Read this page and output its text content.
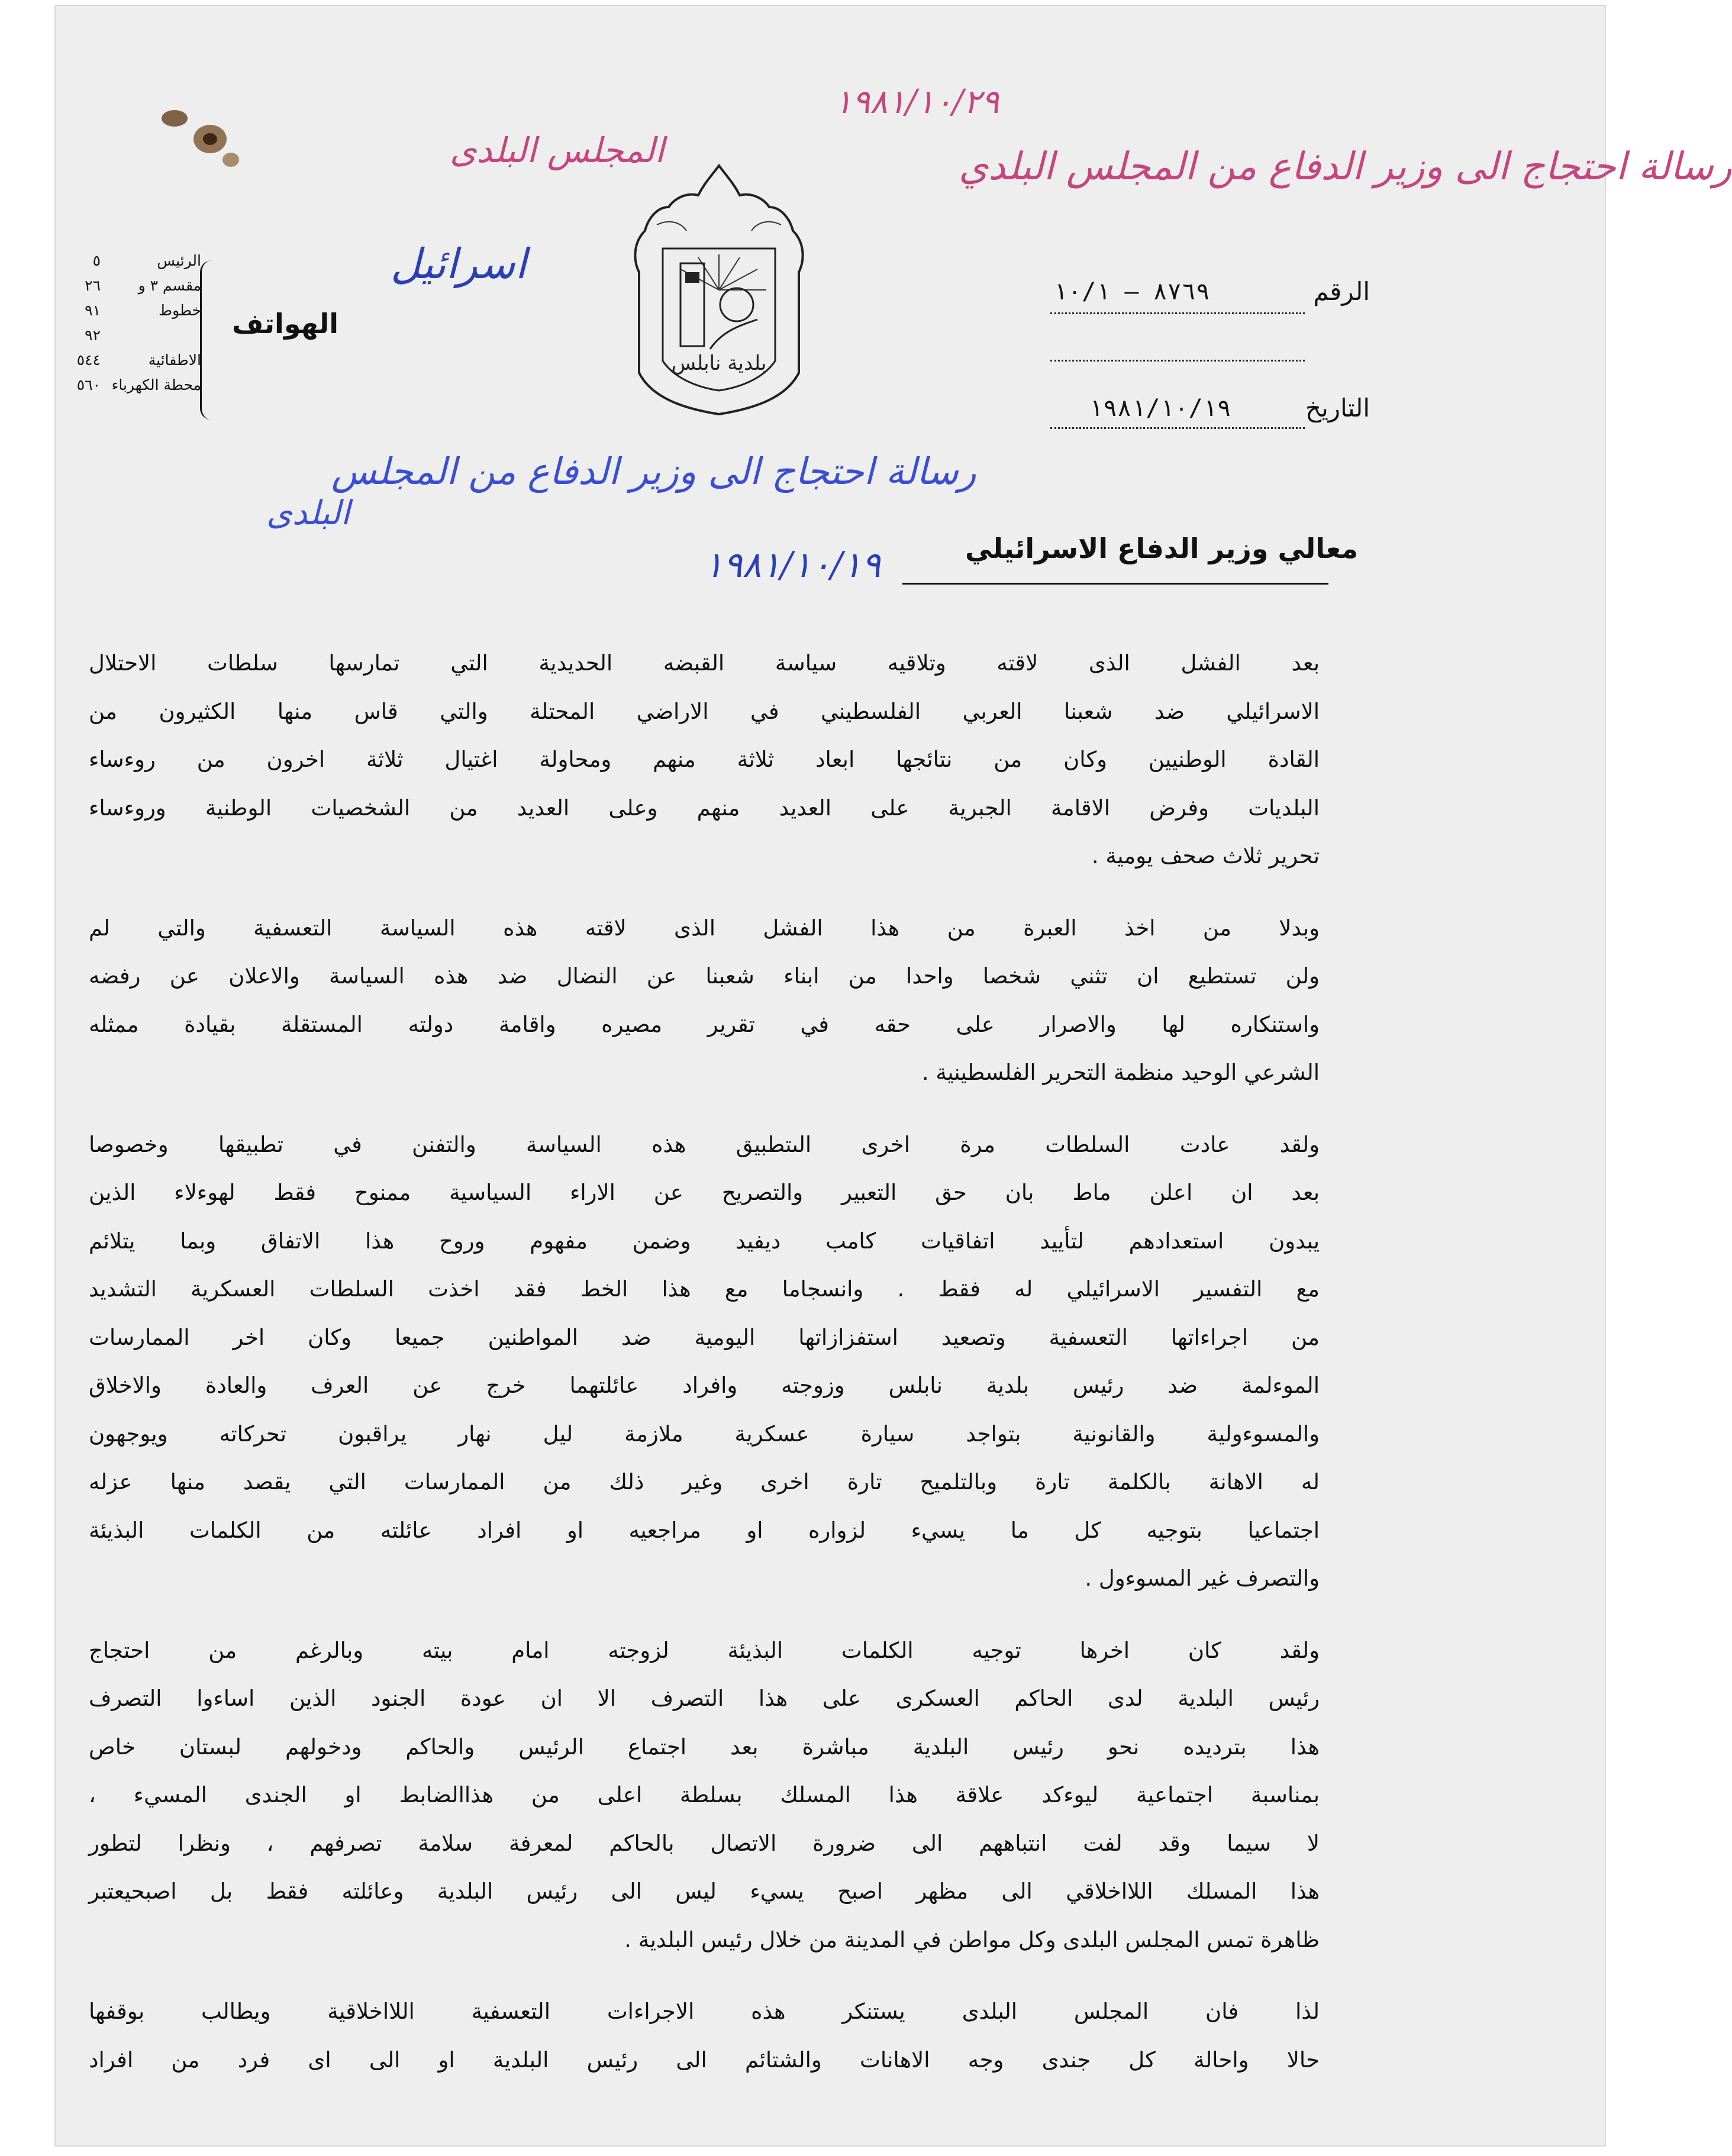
الهواتف
الرئيس
مقسم ٣ و
خطوط
الاطفائية
محطة الكهرباء
٥
٢٦
٩١
٩٢
٥٤٤
٥٦٠
١٩٨١/١٠/٢٩
رسالة احتجاج الى وزير الدفاع من المجلس البلدي
المجلس البلدى
اسرائيل
رسالة احتجاج الى وزير الدفاع من المجلس
البلدى
١٩٨١/١٠/١٩
بلدية نابلس
الرقم
٨٧٦٩ — ١٠/١
التاريخ
١٩٨١/١٠/١٩
معالي وزير الدفاع الاسرائيلي
بعد الفشل الذى لاقته وتلاقيه سياسة القبضه الحديدية التي تمارسها سلطات الاحتلال
الاسرائيلي ضد شعبنا العربي الفلسطيني في الاراضي المحتلة والتي قاس منها الكثيرون من
القادة الوطنيين وكان من نتائجها ابعاد ثلاثة منهم ومحاولة اغتيال ثلاثة اخرون من روءساء
البلديات وفرض الاقامة الجبرية على العديد منهم وعلى العديد من الشخصيات الوطنية وروءساء
تحرير ثلاث صحف يومية .
وبدلا من اخذ العبرة من هذا الفشل الذى لاقته هذه السياسة التعسفية والتي لم
ولن تستطيع ان تثني شخصا واحدا من ابناء شعبنا عن النضال ضد هذه السياسة والاعلان عن رفضه
واستنكاره لها والاصرار على حقه في تقرير مصيره واقامة دولته المستقلة بقيادة ممثله
الشرعي الوحيد منظمة التحرير الفلسطينية .
ولقد عادت السلطات مرة اخرى الىتطبيق هذه السياسة والتفنن في تطبيقها وخصوصا
بعد ان اعلن ماط بان حق التعبير والتصريح عن الاراء السياسية ممنوح فقط لهوءلاء الذين
يبدون استعدادهم لتأييد اتفاقيات كامب ديفيد وضمن مفهوم وروح هذا الاتفاق وبما يتلائم
مع التفسير الاسرائيلي له فقط . وانسجاما مع هذا الخط فقد اخذت السلطات العسكرية التشديد
من اجراءاتها التعسفية وتصعيد استفزازاتها اليومية ضد المواطنين جميعا وكان اخر الممارسات
الموءلمة ضد رئيس بلدية نابلس وزوجته وافراد عائلتهما خرج عن العرف والعادة والاخلاق
والمسوءولية والقانونية بتواجد سيارة عسكرية ملازمة ليل نهار يراقبون تحركاته ويوجهون
له الاهانة بالكلمة تارة وبالتلميح تارة اخرى وغير ذلك من الممارسات التي يقصد منها عزله
اجتماعيا بتوجيه كل ما يسيء لزواره او مراجعيه او افراد عائلته من الكلمات البذيئة
والتصرف غير المسوءول .
ولقد كان اخرها توجيه الكلمات البذيئة لزوجته امام بيته وبالرغم من احتجاج
رئيس البلدية لدى الحاكم العسكرى على هذا التصرف الا ان عودة الجنود الذين اساءوا التصرف
هذا بترديده نحو رئيس البلدية مباشرة بعد اجتماع الرئيس والحاكم ودخولهم لبستان خاص
بمناسبة اجتماعية ليوءكد علاقة هذا المسلك بسلطة اعلى من هذاالضابط او الجندى المسيء ،
لا سيما وقد لفت انتباههم الى ضرورة الاتصال بالحاكم لمعرفة سلامة تصرفهم ، ونظرا لتطور
هذا المسلك اللااخلاقي الى مظهر اصبح يسيء ليس الى رئيس البلدية وعائلته فقط بل اصبحيعتبر
ظاهرة تمس المجلس البلدى وكل مواطن في المدينة من خلال رئيس البلدية .
لذا فان المجلس البلدى يستنكر هذه الاجراءات التعسفية اللااخلاقية ويطالب بوقفها
حالا واحالة كل جندى وجه الاهانات والشتائم الى رئيس البلدية او الى اى فرد من افراد
